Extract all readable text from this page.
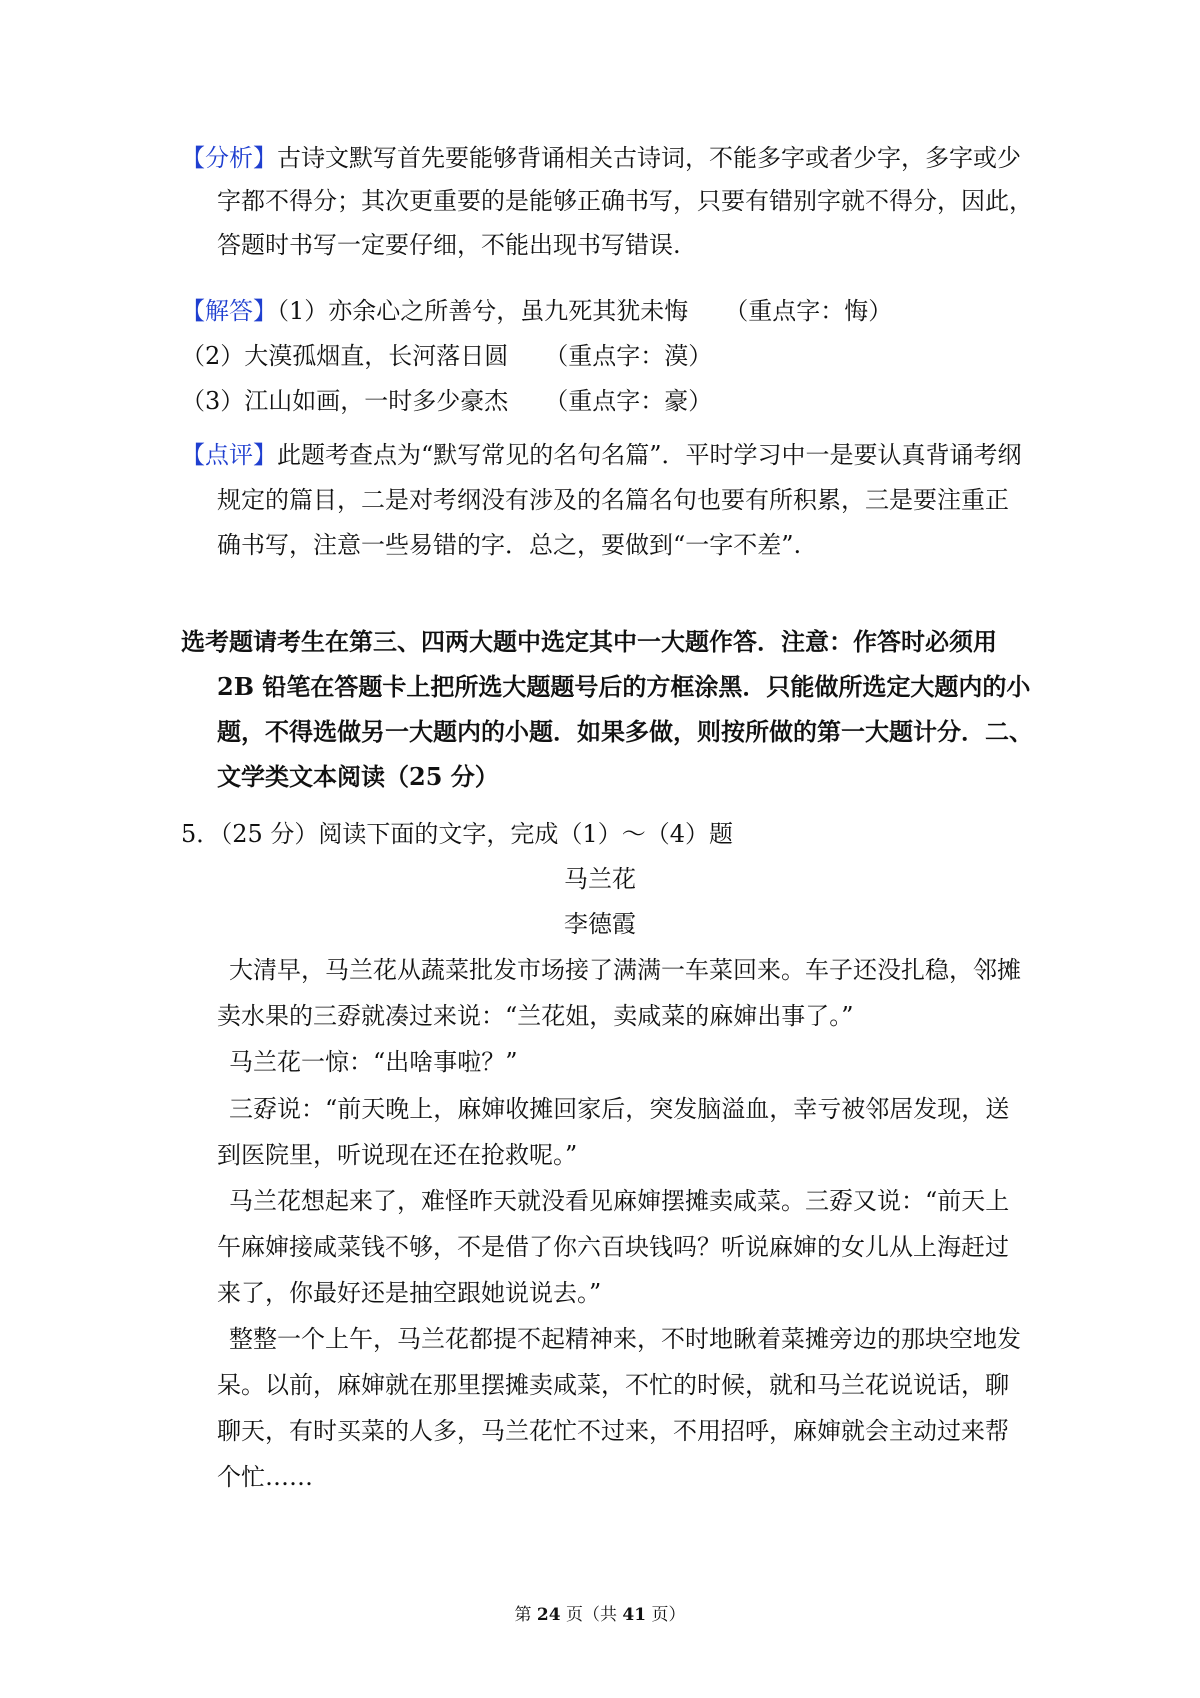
【分析】古诗文默写首先要能够背诵相关古诗词，不能多字或者少字，多字或少
字都不得分；其次更重要的是能够正确书写，只要有错别字就不得分，因此，
答题时书写一定要仔细，不能出现书写错误.
【解答】（1）亦余心之所善兮，虽九死其犹未悔　　（重点字：悔）
（2）大漠孤烟直，长河落日圆　　（重点字：漠）
（3）江山如画，一时多少豪杰　　（重点字：豪）
【点评】此题考查点为“默写常见的名句名篇”．平时学习中一是要认真背诵考纲
规定的篇目，二是对考纲没有涉及的名篇名句也要有所积累，三是要注重正
确书写，注意一些易错的字．总之，要做到“一字不差”.
选考题请考生在第三、四两大题中选定其中一大题作答．注意：作答时必须用
2B 铅笔在答题卡上把所选大题题号后的方框涂黑．只能做所选定大题内的小
题，不得选做另一大题内的小题．如果多做，则按所做的第一大题计分．二、
文学类文本阅读（25 分）
5．（25 分）阅读下面的文字，完成（1）～（4）题
马兰花
李德霞
大清早，马兰花从蔬菜批发市场接了满满一车菜回来。车子还没扎稳，邻摊
卖水果的三孬就凑过来说：“兰花姐，卖咸菜的麻婶出事了。”
马兰花一惊：“出啥事啦？”
三孬说：“前天晚上，麻婶收摊回家后，突发脑溢血，幸亏被邻居发现，送
到医院里，听说现在还在抢救呢。”
马兰花想起来了，难怪昨天就没看见麻婶摆摊卖咸菜。三孬又说：“前天上
午麻婶接咸菜钱不够，不是借了你六百块钱吗？听说麻婶的女儿从上海赶过
来了，你最好还是抽空跟她说说去。”
整整一个上午，马兰花都提不起精神来，不时地瞅着菜摊旁边的那块空地发
呆。以前，麻婶就在那里摆摊卖咸菜，不忙的时候，就和马兰花说说话，聊
聊天，有时买菜的人多，马兰花忙不过来，不用招呼，麻婶就会主动过来帮
个忙……
第 24 页（共 41 页）
